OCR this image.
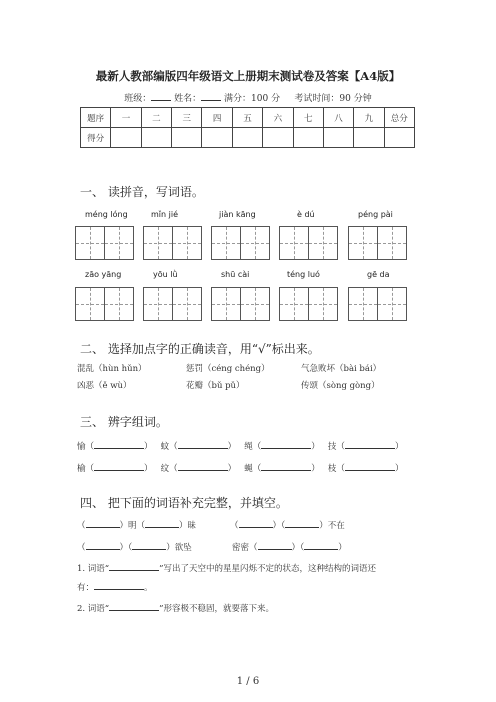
最新人教部编版四年级语文上册期末测试卷及答案【A4版】
班级：	姓名：	满分：100 分 考试时间：90 分钟
题序	一	二	三	四	五	六	七	八	九	总分
得分										
一、 读拼音，写词语。
méng lóng	mǐn jié	jiàn kāng	è dú	péng pài
zāo yāng	yōu lǜ	shū cài	téng luó	gē da
二、 选择加点字的正确读音，用“√”标出来。
混乱（hùn hǔn）	惩罚（céng chéng）	气急败坏（bài bái）
凶恶（ě wù）	花瓣（bǔ pǔ）	传颂（sòng gòng）
三、 辨字组词。
愉（	） 蚊（	） 绳（	） 技（	）
榆（	） 纹（	） 蝇（	） 枝（	）
四、 把下面的词语补充完整，并填空。
（	）明（	）昧	（	）（	）不在
（	）（	）欲坠	密密（	）（	）
1. 词语“	”写出了天空中的星星闪烁不定的状态，这种结构的词语还
有：	。
2. 词语“	”形容极不稳固，就要落下来。
1 / 6
